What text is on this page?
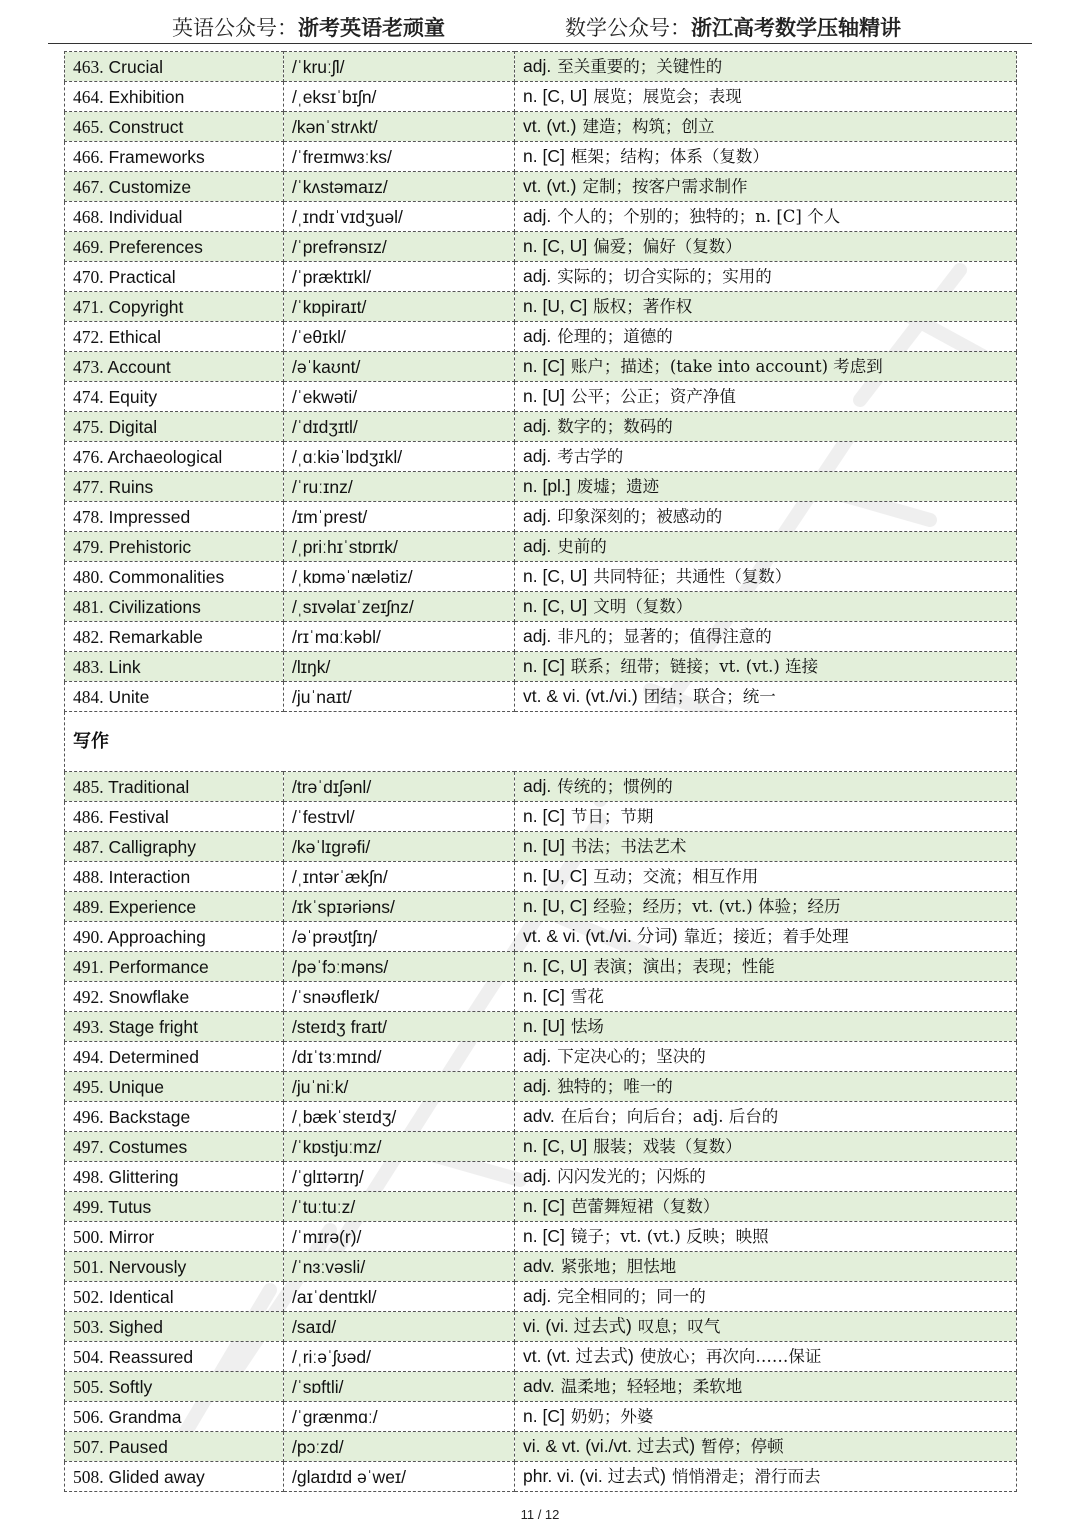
英语公众号：浙考英语老顽童	数学公众号：浙江高考数学压轴精讲
463. Crucial	/ˈkruːʃl/	adj. 至关重要的；关键性的
464. Exhibition	/ˌeksɪˈbɪʃn/	n. [C, U] 展览；展览会；表现
465. Construct	/kənˈstrʌkt/	vt. (vt.) 建造；构筑；创立
466. Frameworks	/ˈfreɪmwɜːks/	n. [C] 框架；结构；体系（复数）
467. Customize	/ˈkʌstəmaɪz/	vt. (vt.) 定制；按客户需求制作
468. Individual	/ˌɪndɪˈvɪdʒuəl/	adj. 个人的；个别的；独特的；n. [C] 个人
469. Preferences	/ˈprefrənsɪz/	n. [C, U] 偏爱；偏好（复数）
470. Practical	/ˈpræktɪkl/	adj. 实际的；切合实际的；实用的
471. Copyright	/ˈkɒpiraɪt/	n. [U, C] 版权；著作权
472. Ethical	/ˈeθɪkl/	adj. 伦理的；道德的
473. Account	/əˈkaʊnt/	n. [C] 账户；描述；(take into account) 考虑到
474. Equity	/ˈekwəti/	n. [U] 公平；公正；资产净值
475. Digital	/ˈdɪdʒɪtl/	adj. 数字的；数码的
476. Archaeological	/ˌɑːkiəˈlɒdʒɪkl/	adj. 考古学的
477. Ruins	/ˈruːɪnz/	n. [pl.] 废墟；遗迹
478. Impressed	/ɪmˈprest/	adj. 印象深刻的；被感动的
479. Prehistoric	/ˌpriːhɪˈstɒrɪk/	adj. 史前的
480. Commonalities	/ˌkɒməˈnælətiz/	n. [C, U] 共同特征；共通性（复数）
481. Civilizations	/ˌsɪvəlaɪˈzeɪʃnz/	n. [C, U] 文明（复数）
482. Remarkable	/rɪˈmɑːkəbl/	adj. 非凡的；显著的；值得注意的
483. Link	/lɪŋk/	n. [C] 联系；纽带；链接；vt. (vt.) 连接
484. Unite	/juˈnaɪt/	vt. & vi. (vt./vi.) 团结；联合；统一
写作		
485. Traditional	/trəˈdɪʃənl/	adj. 传统的；惯例的
486. Festival	/ˈfestɪvl/	n. [C] 节日；节期
487. Calligraphy	/kəˈlɪɡrəfi/	n. [U] 书法；书法艺术
488. Interaction	/ˌɪntərˈækʃn/	n. [U, C] 互动；交流；相互作用
489. Experience	/ɪkˈspɪəriəns/	n. [U, C] 经验；经历；vt. (vt.) 体验；经历
490. Approaching	/əˈprəʊtʃɪŋ/	vt. & vi. (vt./vi. 分词) 靠近；接近；着手处理
491. Performance	/pəˈfɔːməns/	n. [C, U] 表演；演出；表现；性能
492. Snowflake	/ˈsnəʊfleɪk/	n. [C] 雪花
493. Stage fright	/steɪdʒ fraɪt/	n. [U] 怯场
494. Determined	/dɪˈtɜːmɪnd/	adj. 下定决心的；坚决的
495. Unique	/juˈniːk/	adj. 独特的；唯一的
496. Backstage	/ˌbækˈsteɪdʒ/	adv. 在后台；向后台；adj. 后台的
497. Costumes	/ˈkɒstjuːmz/	n. [C, U] 服装；戏装（复数）
498. Glittering	/ˈɡlɪtərɪŋ/	adj. 闪闪发光的；闪烁的
499. Tutus	/ˈtuːtuːz/	n. [C] 芭蕾舞短裙（复数）
500. Mirror	/ˈmɪrə(r)/	n. [C] 镜子；vt. (vt.) 反映；映照
501. Nervously	/ˈnɜːvəsli/	adv. 紧张地；胆怯地
502. Identical	/aɪˈdentɪkl/	adj. 完全相同的；同一的
503. Sighed	/saɪd/	vi. (vi. 过去式) 叹息；叹气
504. Reassured	/ˌriːəˈʃʊəd/	vt. (vt. 过去式) 使放心；再次向……保证
505. Softly	/ˈsɒftli/	adv. 温柔地；轻轻地；柔软地
506. Grandma	/ˈɡrænmɑː/	n. [C] 奶奶；外婆
507. Paused	/pɔːzd/	vi. & vt. (vi./vt. 过去式) 暂停；停顿
508. Glided away	/ɡlaɪdɪd əˈweɪ/	phr. vi. (vi. 过去式) 悄悄滑走；滑行而去
11 / 12
